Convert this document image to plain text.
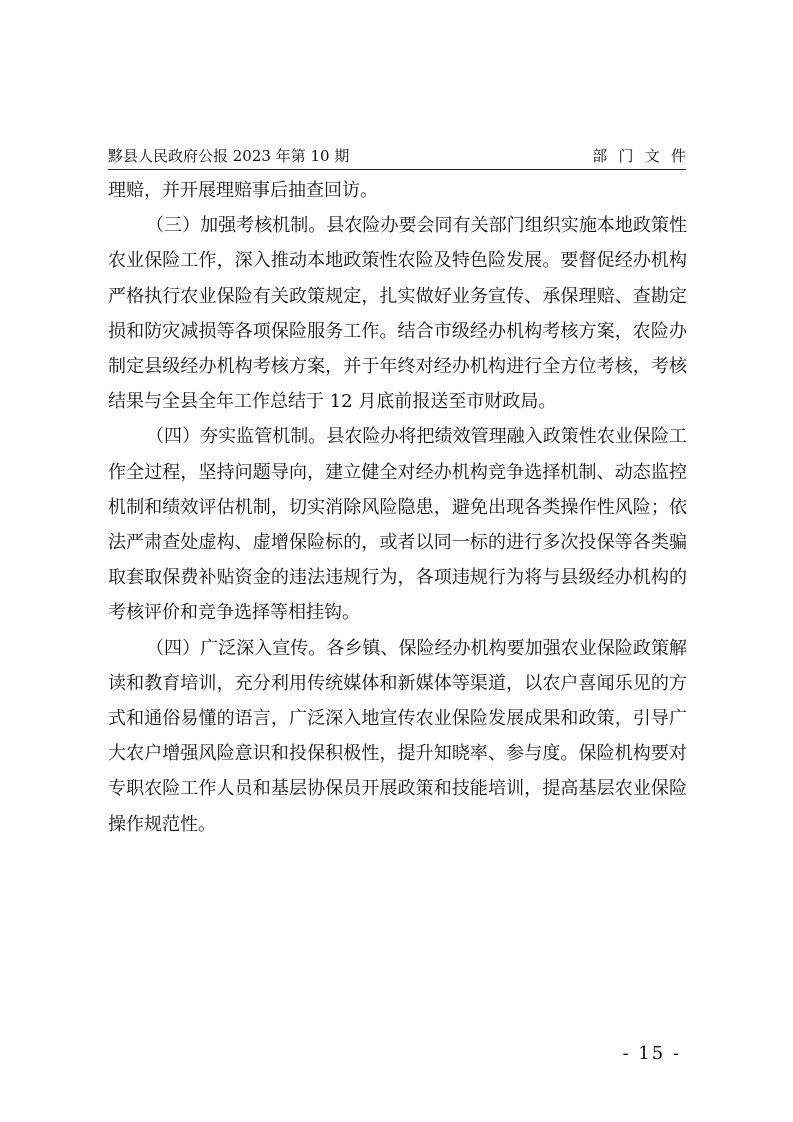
黟县人民政府公报 2023 年第 10 期	部门文件

理赔，并开展理赔事后抽查回访。

（三）加强考核机制。县农险办要会同有关部门组织实施本地政策性农业保险工作，深入推动本地政策性农险及特色险发展。要督促经办机构严格执行农业保险有关政策规定，扎实做好业务宣传、承保理赔、查勘定损和防灾减损等各项保险服务工作。结合市级经办机构考核方案，农险办制定县级经办机构考核方案，并于年终对经办机构进行全方位考核，考核结果与全县全年工作总结于 12 月底前报送至市财政局。

（四）夯实监管机制。县农险办将把绩效管理融入政策性农业保险工作全过程，坚持问题导向，建立健全对经办机构竞争选择机制、动态监控机制和绩效评估机制，切实消除风险隐患，避免出现各类操作性风险；依法严肃查处虚构、虚增保险标的，或者以同一标的进行多次投保等各类骗取套取保费补贴资金的违法违规行为，各项违规行为将与县级经办机构的考核评价和竞争选择等相挂钩。

（四）广泛深入宣传。各乡镇、保险经办机构要加强农业保险政策解读和教育培训，充分利用传统媒体和新媒体等渠道，以农户喜闻乐见的方式和通俗易懂的语言，广泛深入地宣传农业保险发展成果和政策，引导广大农户增强风险意识和投保积极性，提升知晓率、参与度。保险机构要对专职农险工作人员和基层协保员开展政策和技能培训，提高基层农业保险操作规范性。

- 15 -
